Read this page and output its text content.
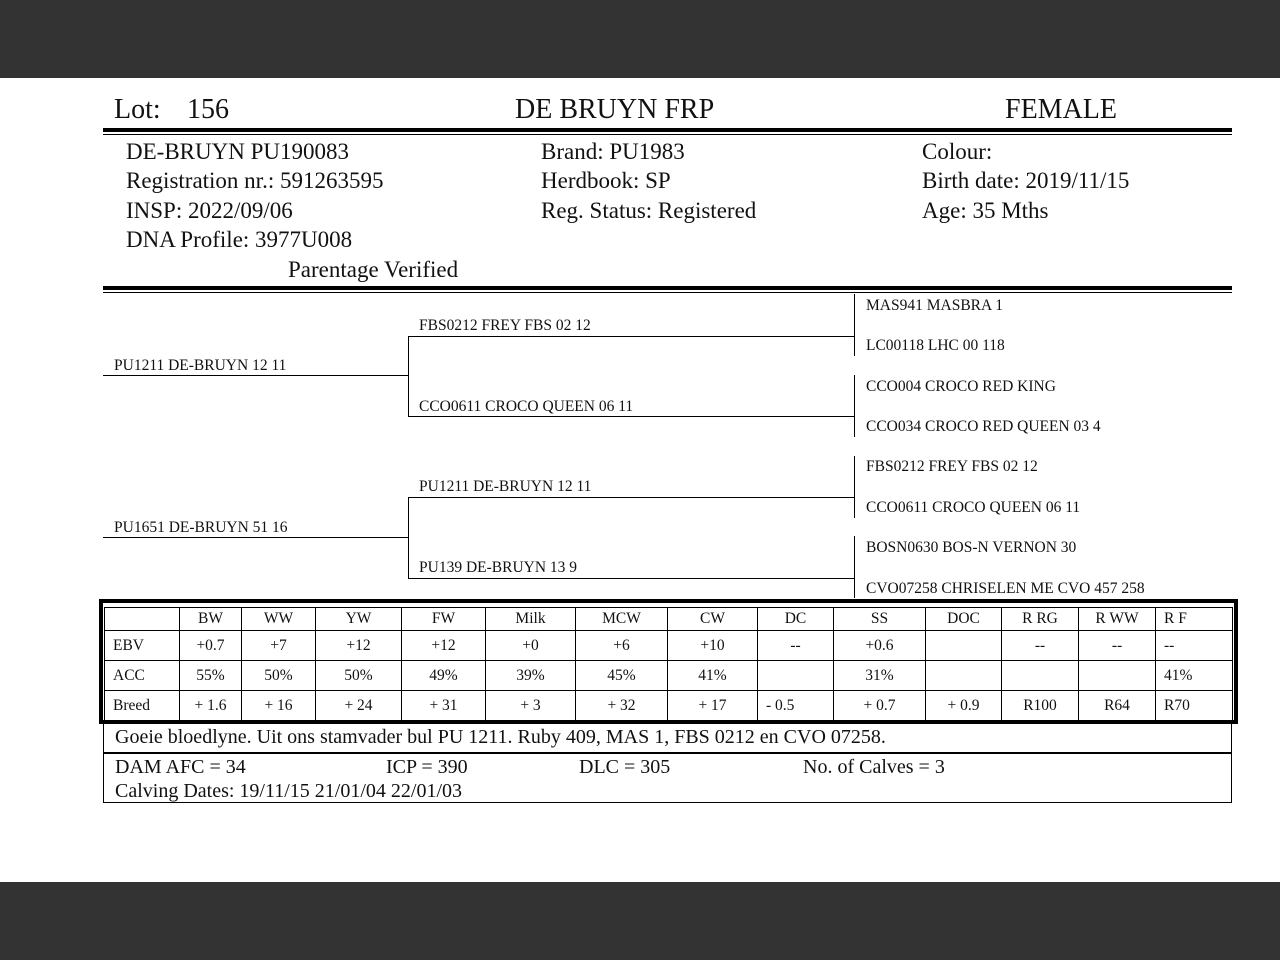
Lot: 156	DE BRUYN FRP	FEMALE
DE-BRUYN PU190083
Registration nr.: 591263595
INSP: 2022/09/06
DNA Profile: 3977U008
Parentage Verified
Brand: PU1983
Herdbook: SP
Reg. Status: Registered
Colour:
Birth date: 2019/11/15
Age: 35 Mths
PU1211 DE-BRUYN 12 11
PU1651 DE-BRUYN 51 16
FBS0212 FREY FBS 02 12
CCO0611 CROCO QUEEN 06 11
PU1211 DE-BRUYN 12 11
PU139 DE-BRUYN 13 9
MAS941 MASBRA 1
LC00118 LHC 00 118
CCO004 CROCO RED KING
CCO034 CROCO RED QUEEN 03 4
FBS0212 FREY FBS 02 12
CCO0611 CROCO QUEEN 06 11
BOSN0630 BOS-N VERNON 30
CVO07258 CHRISELEN ME CVO 457 258
	BW	WW	YW	FW	Milk	MCW	CW	DC	SS	DOC	R RG	R WW	R F
EBV	+0.7	+7	+12	+12	+0	+6	+10	--	+0.6		--	--	--
ACC	55%	50%	50%	49%	39%	45%	41%		31%				41%
Breed	+ 1.6	+ 16	+ 24	+ 31	+ 3	+ 32	+ 17	- 0.5	+ 0.7	+ 0.9	R100	R64	R70
Goeie bloedlyne. Uit ons stamvader bul PU 1211. Ruby 409, MAS 1, FBS 0212 en CVO 07258.
DAM AFC = 34	ICP = 390	DLC = 305	No. of Calves = 3
Calving Dates: 19/11/15 21/01/04 22/01/03
